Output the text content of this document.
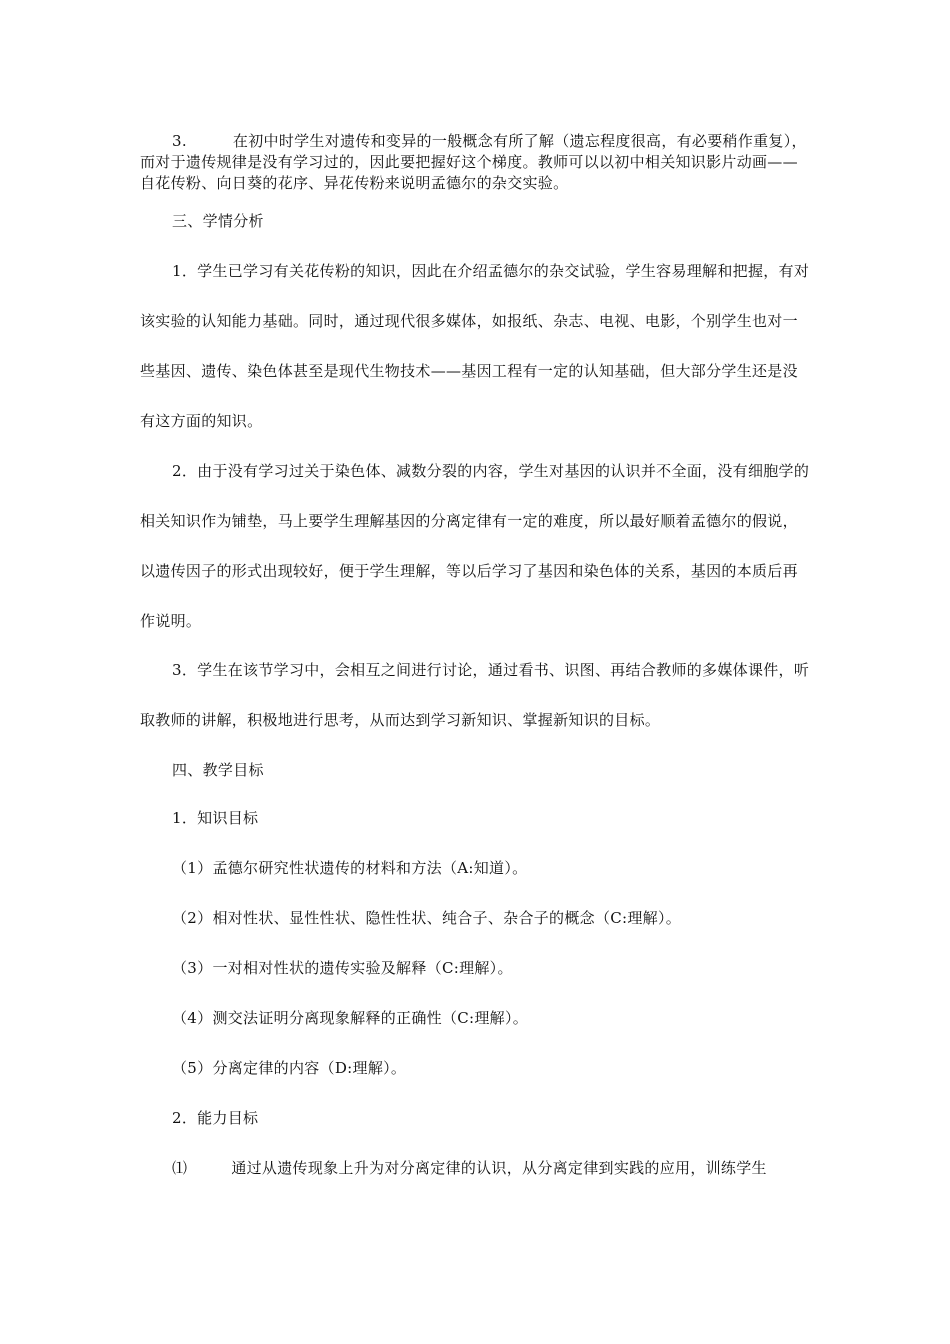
3.	在初中时学生对遗传和变异的一般概念有所了解（遗忘程度很高，有必要稍作重复），而对于遗传规律是没有学习过的，因此要把握好这个梯度。教师可以以初中相关知识影片动画——自花传粉、向日葵的花序、异花传粉来说明孟德尔的杂交实验。
三、学情分析
1．学生已学习有关花传粉的知识，因此在介绍孟德尔的杂交试验，学生容易理解和把握，有对该实验的认知能力基础。同时，通过现代很多媒体，如报纸、杂志、电视、电影，个别学生也对一些基因、遗传、染色体甚至是现代生物技术——基因工程有一定的认知基础，但大部分学生还是没有这方面的知识。
2．由于没有学习过关于染色体、减数分裂的内容，学生对基因的认识并不全面，没有细胞学的相关知识作为铺垫，马上要学生理解基因的分离定律有一定的难度，所以最好顺着孟德尔的假说，以遗传因子的形式出现较好，便于学生理解，等以后学习了基因和染色体的关系，基因的本质后再作说明。
3．学生在该节学习中，会相互之间进行讨论，通过看书、识图、再结合教师的多媒体课件，听取教师的讲解，积极地进行思考，从而达到学习新知识、掌握新知识的目标。
四、教学目标
1．知识目标
（1）孟德尔研究性状遗传的材料和方法（A:知道）。
（2）相对性状、显性性状、隐性性状、纯合子、杂合子的概念（C:理解）。
（3）一对相对性状的遗传实验及解释（C:理解）。
（4）测交法证明分离现象解释的正确性（C:理解）。
（5）分离定律的内容（D:理解）。
2．能力目标
⑴	通过从遗传现象上升为对分离定律的认识，从分离定律到实践的应用，训练学生
